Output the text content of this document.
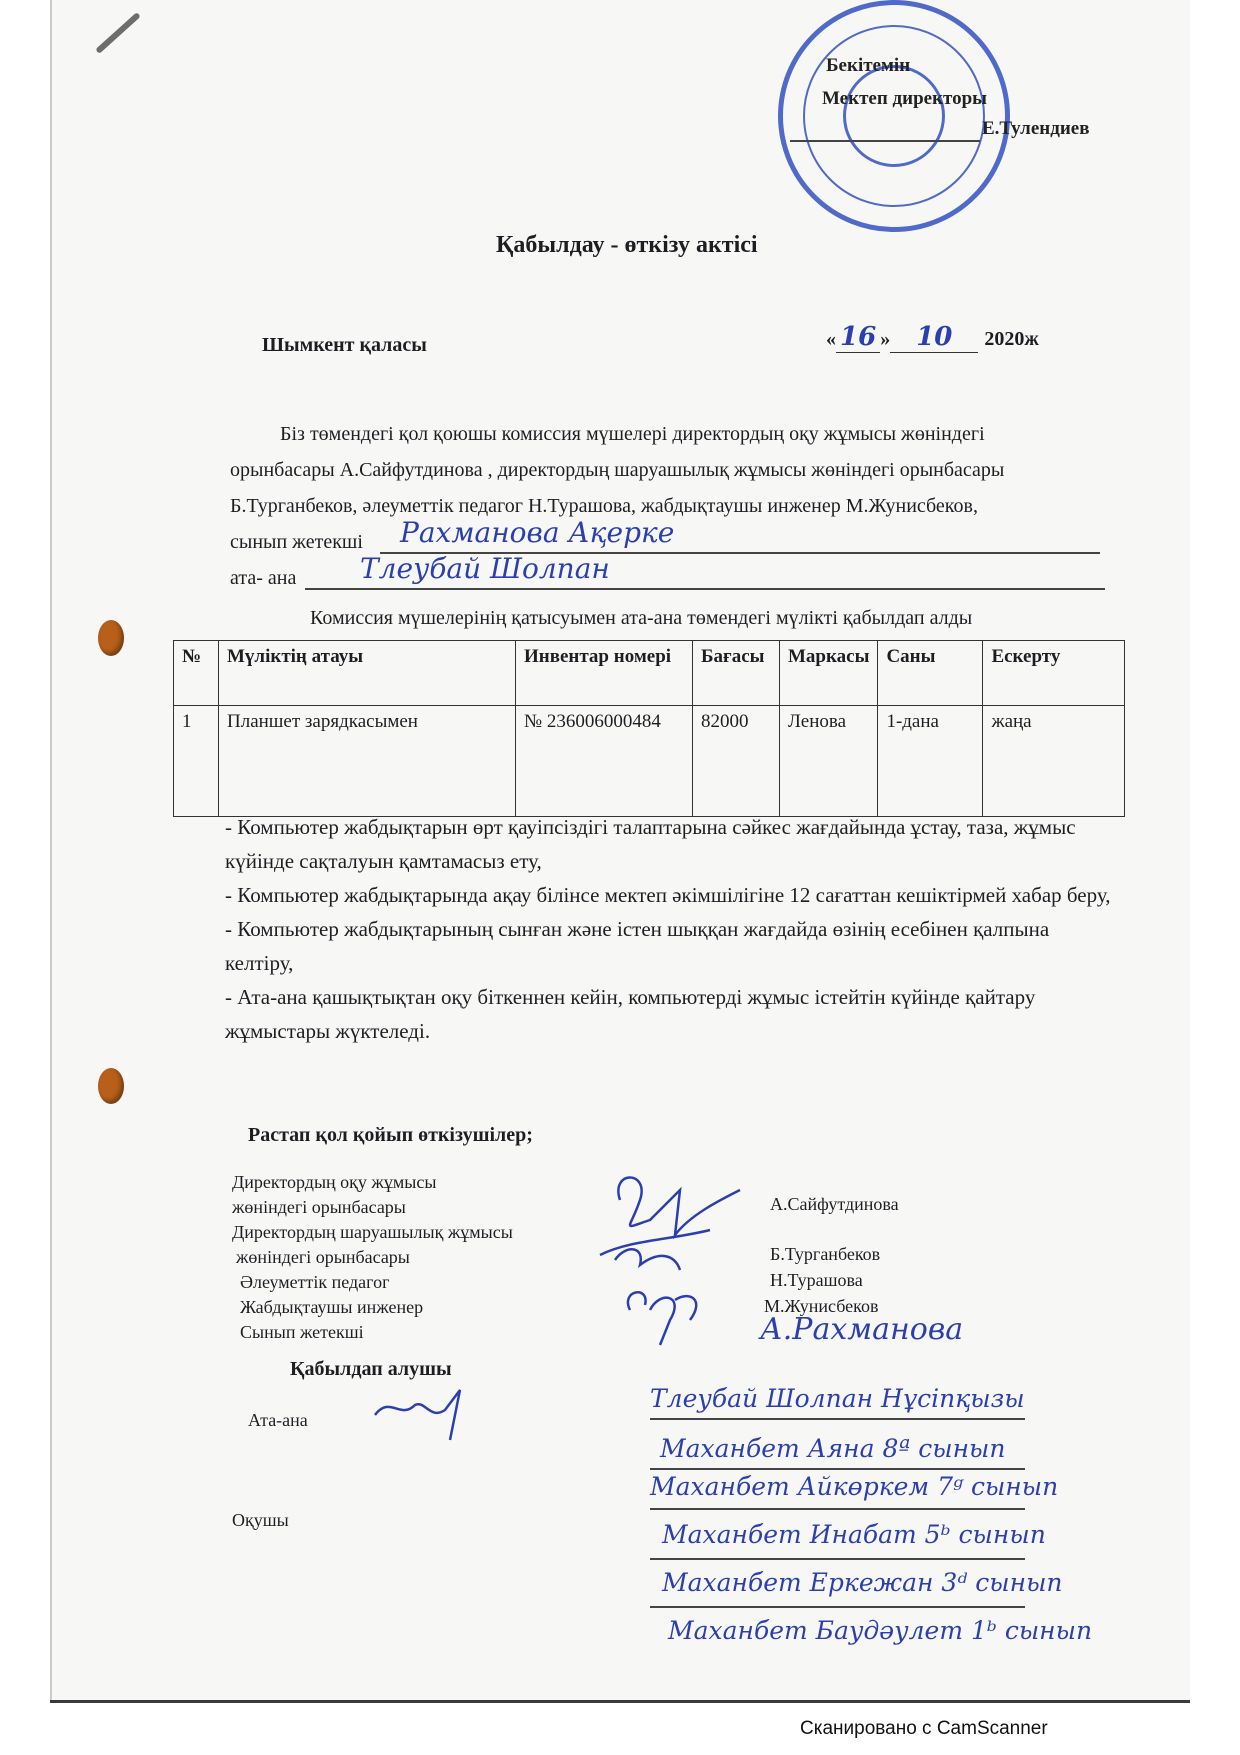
Бекітемін
Мектеп директоры
Е.Тулендиев
Қабылдау - өткізу актісі
Шымкент қаласы	« 16 » 10 2020ж
Біз төмендегі қол қоюшы комиссия мүшелері директордың оқу жұмысы жөніндегі
орынбасары А.Сайфутдинова , директордың шаруашылық жұмысы жөніндегі орынбасары
Б.Турганбеков, әлеуметтік педагог Н.Турашова, жабдықтаушы инженер М.Жунисбеков,
сынып жетекші Рахманова Ақерке
ата- ана Тлеубай Шолпан
Комиссия мүшелерінің қатысуымен ата-ана төмендегі мүлікті қабылдап алды
№	Мүліктің атауы	Инвентар номері	Бағасы	Маркасы	Саны	Ескерту
1	Планшет зарядкасымен	№ 236006000484	82000	Ленова	1-дана	жаңа
- Компьютер жабдықтарын өрт қауіпсіздігі талаптарына сәйкес жағдайында ұстау, таза, жұмыс күйінде сақталуын қамтамасыз ету,
- Компьютер жабдықтарында ақау білінсе мектеп әкімшілігіне 12 сағаттан кешіктірмей хабар беру,
- Компьютер жабдықтарының сынған және істен шыққан жағдайда өзінің есебінен қалпына келтіру,
- Ата-ана қашықтықтан оқу біткеннен кейін, компьютерді жұмыс істейтін күйінде қайтару жұмыстары жүктеледі.
Растап қол қойып өткізушілер;
Директордың оқу жұмысы
жөніндегі орынбасары
Директордың шаруашылық жұмысы
жөніндегі орынбасары
Әлеуметтік педагог
Жабдықтаушы инженер
Сынып жетекші
А.Сайфутдинова
Б.Турганбеков
Н.Турашова
М.Жунисбеков
А.Рахманова
Қабылдап алушы
Ата-ана
Тлеубай Шолпан Нұсіпқызы
Оқушы
Маханбет Аяна 8ª сынып
Маханбет Айкөркем 7ᵍ сынып
Маханбет Инабат 5ᵇ сынып
Маханбет Еркежан 3ᵈ сынып
Маханбет Баудәулет 1ᵇ сынып
Сканировано с CamScanner
